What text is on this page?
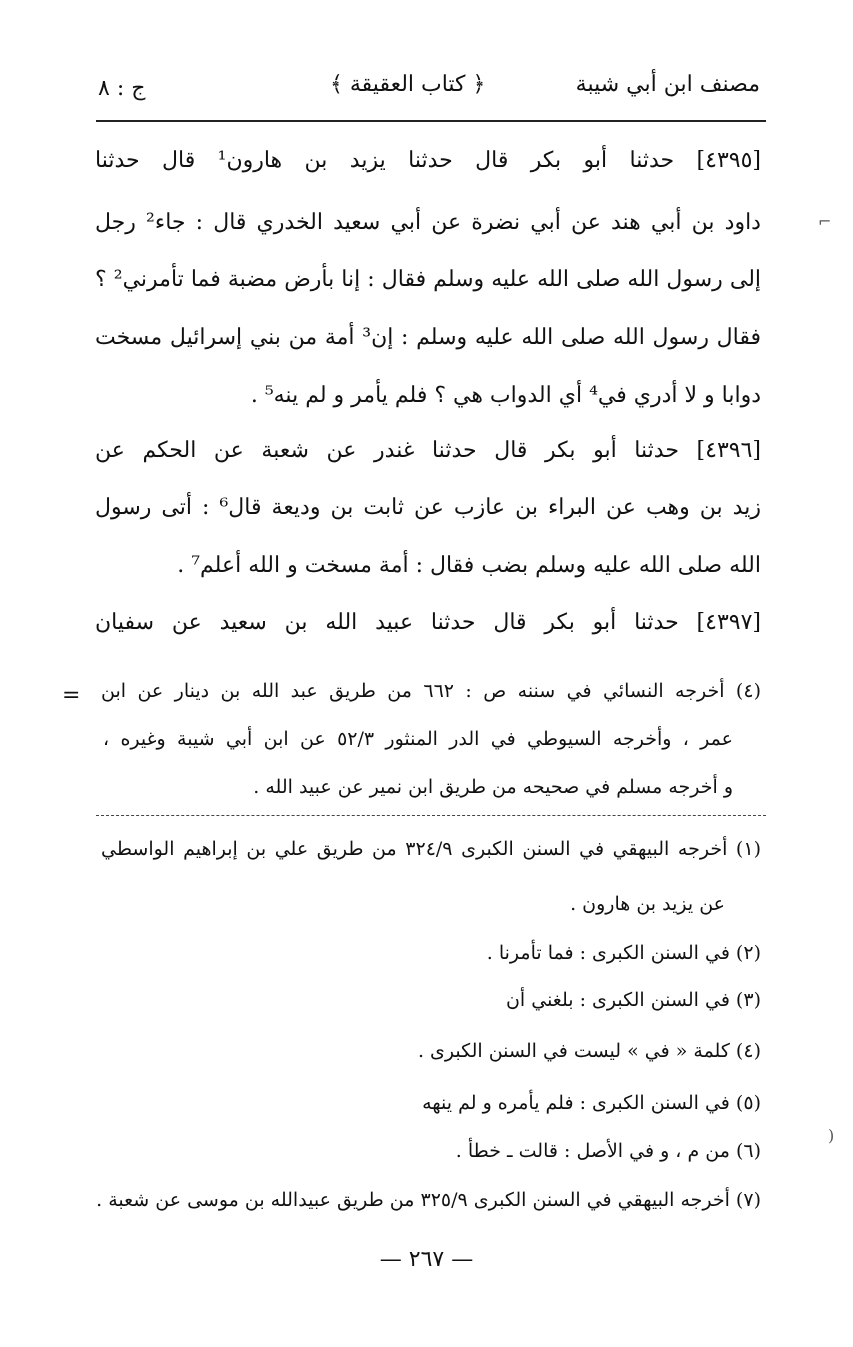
مصنف ابن أبي شيبة
﴿ كتاب العقيقة ﴾
ج : ٨
[٤٣٩٥] حدثنا أبو بكر قال حدثنا يزيد بن هارون¹ قال حدثنا
داود بن أبي هند عن أبي نضرة عن أبي سعيد الخدري قال : جاء² رجل
إلى رسول الله صلى الله عليه وسلم فقال : إنا بأرض مضبة فما تأمرني² ؟
فقال رسول الله صلى الله عليه وسلم : إن³ أمة من بني إسرائيل مسخت
دوابا و لا أدري في⁴ أي الدواب هي ؟ فلم يأمر و لم ينه⁵ .
[٤٣٩٦] حدثنا أبو بكر قال حدثنا غندر عن شعبة عن الحكم عن
زيد بن وهب عن البراء بن عازب عن ثابت بن وديعة قال⁶ : أتى رسول
الله صلى الله عليه وسلم بضب فقال : أمة مسخت و الله أعلم⁷ .
[٤٣٩٧] حدثنا أبو بكر قال حدثنا عبيد الله بن سعيد عن سفيان
= (٤) أخرجه النسائي في سننه ص : ٦٦٢ من طريق عبد الله بن دينار عن ابن
عمر ، وأخرجه السيوطي في الدر المنثور ٥٢/٣ عن ابن أبي شيبة وغيره ،
و أخرجه مسلم في صحيحه من طريق ابن نمير عن عبيد الله .
(١) أخرجه البيهقي في السنن الكبرى ٣٢٤/٩ من طريق علي بن إبراهيم الواسطي
عن يزيد بن هارون .
(٢) في السنن الكبرى : فما تأمرنا .
(٣) في السنن الكبرى : بلغني أن
(٤) كلمة « في » ليست في السنن الكبرى .
(٥) في السنن الكبرى : فلم يأمره و لم ينهه
(٦) من م ، و في الأصل : قالت ـ خطأ .
(٧) أخرجه البيهقي في السنن الكبرى ٣٢٥/٩ من طريق عبيدالله بن موسى عن شعبة .
— ٢٦٧ —
⌐
(
